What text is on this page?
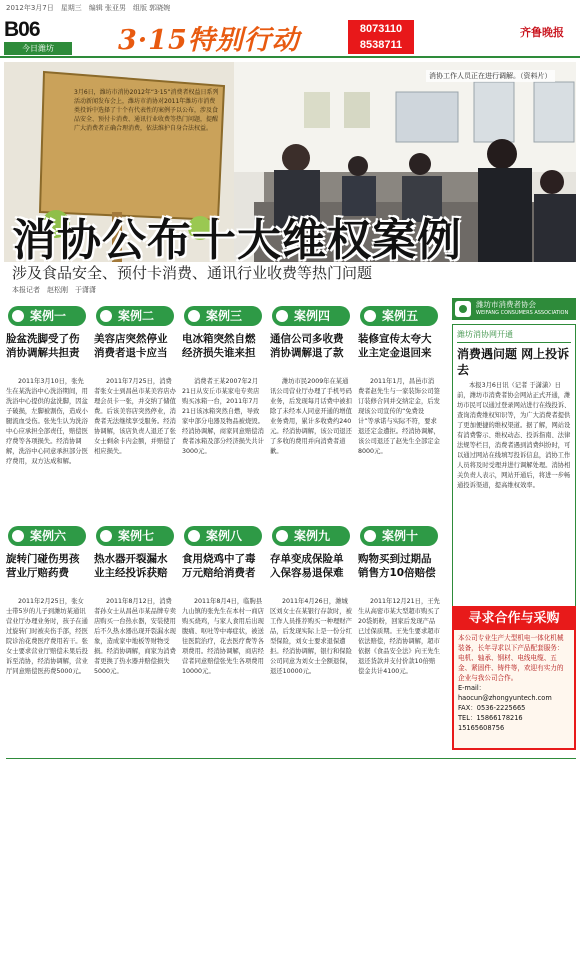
2012年3月7日　星期三　编辑 张亚男　组版 郭晓婉
B06
今日潍坊	3·15特别行动	8073110
8538711
齐鲁晚报
3月6日，潍坊市消协2012年“3·15”消费者权益日系列活动新闻发布会上，潍坊市消协对2011年潍坊市消费类投诉中选择了十个有代表性的案例予以公布，涉及食品安全、预付卡消费、通讯行业收费等热门问题，提醒广大消费者正确合理消费，依法维护自身合法权益。
消协工作人员正在进行调解。（资料片）
消协公布十大维权案例
涉及食品安全、预付卡消费、通讯行业收费等热门问题
本报记者　赵松刚　于潇潇
案例一
脸盆洗脚受了伤 消协调解共担责
2011年3月10日，张先生在某洗浴中心洗浴期间，用洗浴中心提供的盆洗脚，因盆子破损，左脚被割伤，造成小腿流血受伤。张先生认为洗浴中心应承担全部责任，赔偿医疗费等各项损失。经消协调解，洗浴中心同意承担部分医疗费用，双方达成和解。
案例二
美容店突然停业 消费者退卡应当
2011年7月25日，消费者张女士到昌邑市某美容店办理会员卡一张，并交纳了储值费。后该美容店突然停业，消费者无法继续享受服务。经消协调解，该店负责人退还了张女士剩余卡内金额，并赔偿了相应损失。
案例三
电冰箱突然自燃 经济损失谁来担
消费者王某2007年2月21日从安丘市某家电专卖店购买冰箱一台，2011年7月21日该冰箱突然自燃，导致家中部分电器及物品被烧毁。经消协调解，商家同意赔偿消费者冰箱及部分经济损失共计3000元。
案例四
通信公司多收费 消协调解退了款
潍坊市民2009年在某通讯公司营业厅办理了手机号码业务，后发现每月话费中被扣除了未经本人同意开通的增值业务费用，累计多收费约240元。经消协调解，该公司退还了多收的费用并向消费者道歉。
案例五
装修宣传太夸大 业主定金退回来
2011年1月，昌邑市消费者赵先生与一家装饰公司签订装修合同并交纳定金，后发现该公司宣传的“免费设计”等承诺与实际不符，要求退还定金遭拒。经消协调解，该公司退还了赵先生全部定金8000元。
案例六
旋转门碰伤男孩 营业厅赔药费
2011年2月25日，张女士带5岁的儿子到潍坊某通讯营业厅办理业务时，孩子在通过旋转门时被夹伤手部，经医院诊治花费医疗费用若干。张女士要求营业厅赔偿未果后投诉至消协，经消协调解，营业厅同意赔偿医药费5000元。
案例七
热水器开裂漏水 业主经投诉获赔
2011年8月12日，消费者孙女士从昌邑市某品牌专卖店购买一台热水器，安装使用后不久热水器出现开裂漏水现象，造成家中地板等财物受损。经消协调解，商家为消费者更换了热水器并赔偿损失5000元。
案例八
食用烧鸡中了毒 万元赔给消费者
2011年8月4日，临朐县九山镇的张先生在本村一商店购买烧鸡，与家人食用后出现腹痛、呕吐等中毒症状，被送往医院治疗，花去医疗费等各项费用。经消协调解，商店经营者同意赔偿张先生各项费用10000元。
案例九
存单变成保险单 入保容易退保难
2011年4月26日，潍城区刘女士在某银行存款时，被工作人员推荐购买一种理财产品，后发现实际上是一份分红型保险，刘女士要求退保遭拒。经消协调解，银行和保险公司同意为刘女士全额退保，退还10000元。
案例十
购物买到过期品 销售方10倍赔偿
2011年12月21日，王先生从高密市某大型超市购买了20袋奶粉，回家后发现产品已过保质期。王先生要求超市依法赔偿，经消协调解，超市依据《食品安全法》向王先生退还货款并支付价款10倍赔偿金共计4100元。
潍坊市消费者协会
WEIFANG CONSUMERS ASSOCIATION
潍坊消协网开通
消费遇问题 网上投诉去
本报3月6日讯（记者 于潇潇）日前，潍坊市消费者协会网站正式开通，潍坊市民可以通过登录网站进行在线投诉、查询消费维权知识等，为广大消费者提供了更加便捷的维权渠道。据了解，网站设有消费警示、维权动态、投诉指南、法律法规等栏目，消费者遇到消费纠纷时，可以通过网站在线填写投诉信息，消协工作人员将及时受理并进行调解处理。消协相关负责人表示，网站开通后，将进一步畅通投诉渠道，提高维权效率。
寻求合作与采购
本公司专业生产大型机电一体化机械装备，长年寻求以下产品配套服务：电机、轴承、钢材、电线电缆、五金、紧固件、铸件等，欢迎有实力的企业与我公司合作。
E-mail：haocun@zhongyuntech.com
FAX：0536-2225665
TEL：15866178216　15165608756
